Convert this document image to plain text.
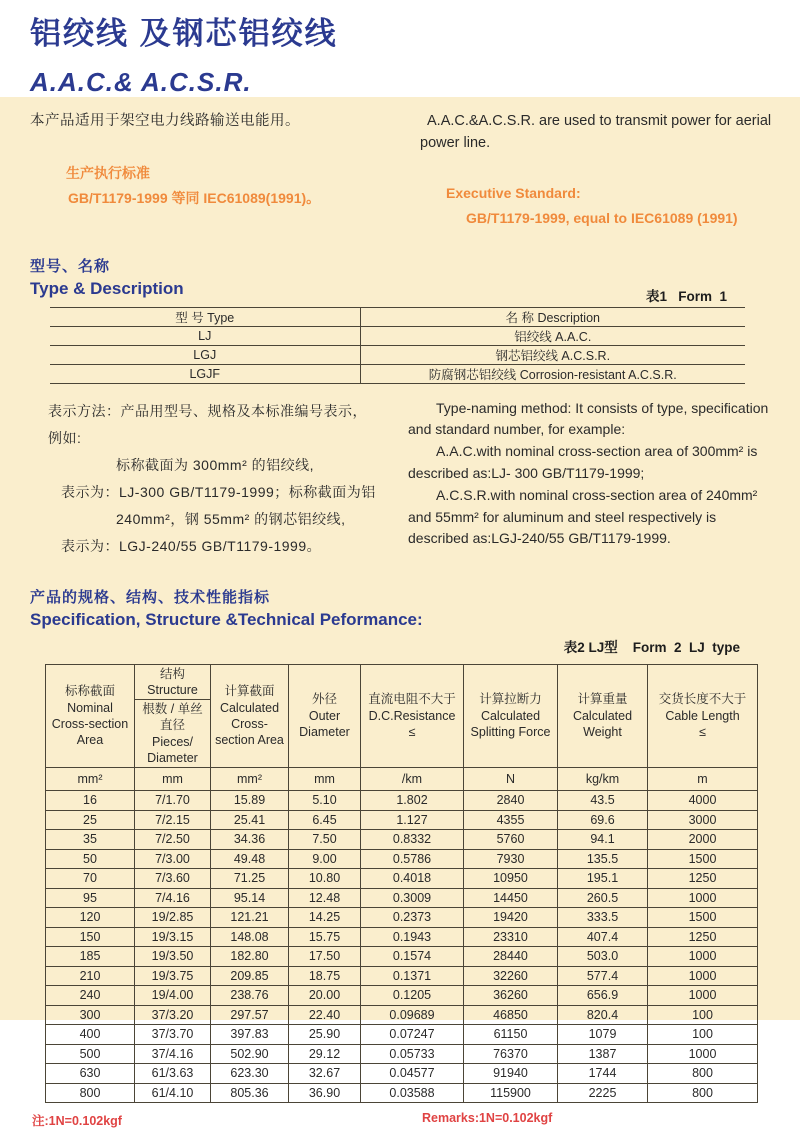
铝绞线 及钢芯铝绞线
A.A.C.& A.C.S.R.

本产品适用于架空电力线路输送电能用。

生产执行标准

GB/T1179-1999 等同 IEC61089(1991)。

A.A.C.&A.C.S.R. are used to transmit power for aerial power line.

Executive Standard:

GB/T1179-1999, equal to IEC61089 (1991)

型号、名称

Type & Description	表1   Form  1
型 号 Type	名 称 Description
LJ	铝绞线 A.A.C.
LGJ	钢芯铝绞线 A.C.S.R.
LGJF	防腐钢芯铝绞线 Corrosion-resistant A.C.S.R.
表示方法：产品用型号、规格及本标准编号表示，例如:
标称截面为 300mm² 的铝绞线,
表示为：LJ-300 GB/T1179-1999；标称截面为铝
240mm²，钢 55mm² 的钢芯铝绞线,
表示为：LGJ-240/55 GB/T1179-1999。

Type-naming method: It consists of type, specification and standard number, for example:

A.A.C.with nominal cross-section area of 300mm² is described as:LJ- 300 GB/T1179-1999;

A.C.S.R.with nominal cross-section area of 240mm² and 55mm² for aluminum and steel respectively is described as:LGJ-240/55 GB/T1179-1999.

产品的规格、结构、技术性能指标

Specification, Structure &Technical Peformance:

表2 LJ型    Form  2  LJ  type
标称截面
Nominal Cross-section Area	结构
Structure	计算截面
Calculated Cross- section Area	外径
Outer Diameter	直流电阻不大于
D.C.Resistance
≤	计算拉断力
Calculated Splitting Force	计算重量
Calculated Weight	交货长度不大于
Cable Length
≤

	根数 / 单丝直径
Pieces/ Diameter						

mm²	mm	mm²	mm	/km	N	kg/km	m
16	7/1.70	15.89	5.10	1.802	2840	43.5	4000
25	7/2.15	25.41	6.45	1.127	4355	69.6	3000
35	7/2.50	34.36	7.50	0.8332	5760	94.1	2000
50	7/3.00	49.48	9.00	0.5786	7930	135.5	1500
70	7/3.60	71.25	10.80	0.4018	10950	195.1	1250
95	7/4.16	95.14	12.48	0.3009	14450	260.5	1000
120	19/2.85	121.21	14.25	0.2373	19420	333.5	1500
150	19/3.15	148.08	15.75	0.1943	23310	407.4	1250
185	19/3.50	182.80	17.50	0.1574	28440	503.0	1000
210	19/3.75	209.85	18.75	0.1371	32260	577.4	1000
240	19/4.00	238.76	20.00	0.1205	36260	656.9	1000
300	37/3.20	297.57	22.40	0.09689	46850	820.4	100
400	37/3.70	397.83	25.90	0.07247	61150	1079	100
500	37/4.16	502.90	29.12	0.05733	76370	1387	1000
630	61/3.63	623.30	32.67	0.04577	91940	1744	800
800	61/4.10	805.36	36.90	0.03588	115900	2225	800
注:1N=0.102kgf	Remarks:1N=0.102kgf
